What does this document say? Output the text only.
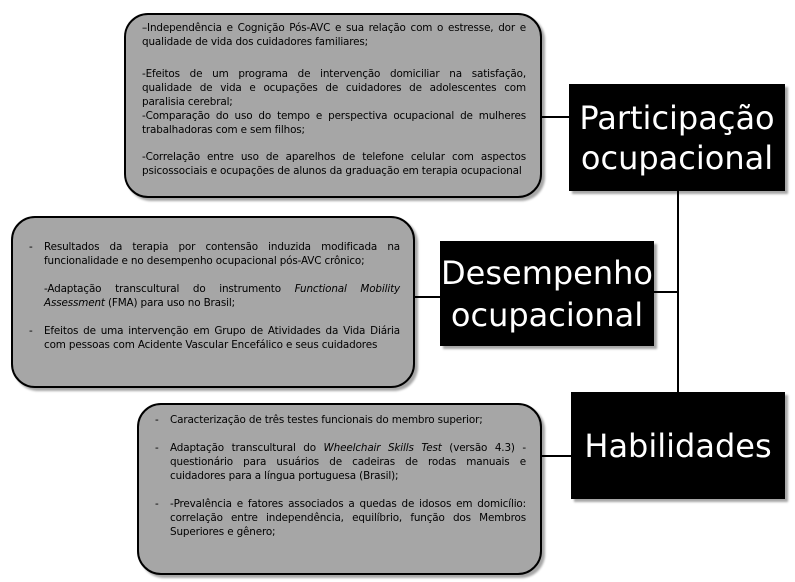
–Independência e Cognição Pós-AVC e sua relação com o estresse, dor e qualidade de vida dos cuidadores familiares;
-Efeitos de um programa de intervenção domiciliar na satisfação, qualidade de vida e ocupações de cuidadores de adolescentes com paralisia cerebral;
-Comparação do uso do tempo e perspectiva ocupacional de mulheres trabalhadoras com e sem filhos;
-Correlação entre uso de aparelhos de telefone celular com aspectos psicossociais e ocupações de alunos da graduação em terapia ocupacional
Participação
ocupacional
- Resultados da terapia por contensão induzida modificada na funcionalidade e no desempenho ocupacional pós-AVC crônico;
-Adaptação transcultural do instrumento Functional Mobility Assessment (FMA) para uso no Brasil;
- Efeitos de uma intervenção em Grupo de Atividades da Vida Diária com pessoas com Acidente Vascular Encefálico e seus cuidadores
Desempenho
ocupacional
- Caracterização de três testes funcionais do membro superior;
- Adaptação transcultural do Wheelchair Skills Test (versão 4.3) - questionário para usuários de cadeiras de rodas manuais e cuidadores para a língua portuguesa (Brasil);
- -Prevalência e fatores associados a quedas de idosos em domicílio: correlação entre independência, equilíbrio, função dos Membros Superiores e gênero;
Habilidades
